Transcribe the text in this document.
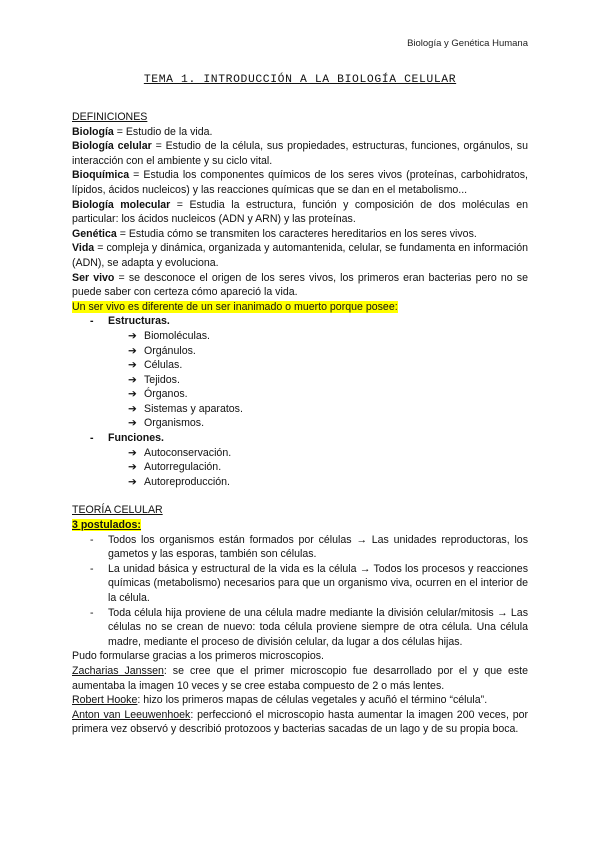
Biología y Genética Humana
TEMA 1. INTRODUCCIÓN A LA BIOLOGÍA CELULAR
DEFINICIONES

Biología = Estudio de la vida.

Biología celular = Estudio de la célula, sus propiedades, estructuras, funciones, orgánulos, su interacción con el ambiente y su ciclo vital.

Bioquímica = Estudia los componentes químicos de los seres vivos (proteínas, carbohidratos, lípidos, ácidos nucleicos) y las reacciones químicas que se dan en el metabolismo...

Biología molecular = Estudia la estructura, función y composición de dos moléculas en particular: los ácidos nucleicos (ADN y ARN) y las proteínas.

Genética = Estudia cómo se transmiten los caracteres hereditarios en los seres vivos.

Vida = compleja y dinámica, organizada y automantenida, celular, se fundamenta en información (ADN), se adapta y evoluciona.

Ser vivo = se desconoce el origen de los seres vivos, los primeros eran bacterias pero no se puede saber con certeza cómo apareció la vida.

Un ser vivo es diferente de un ser inanimado o muerto porque posee:

- Estructuras.
➔ Biomoléculas.
➔ Orgánulos.
➔ Células.
➔ Tejidos.
➔ Órganos.
➔ Sistemas y aparatos.
➔ Organismos.
- Funciones.
➔ Autoconservación.
➔ Autorregulación.
➔ Autoreproducción.
TEORÍA CELULAR

3 postulados:

- Todos los organismos están formados por células → Las unidades reproductoras, los gametos y las esporas, también son células.
- La unidad básica y estructural de la vida es la célula → Todos los procesos y reacciones químicas (metabolismo) necesarios para que un organismo viva, ocurren en el interior de la célula.
- Toda célula hija proviene de una célula madre mediante la división celular/mitosis → Las células no se crean de nuevo: toda célula proviene siempre de otra célula. Una célula madre, mediante el proceso de división celular, da lugar a dos células hijas.

Pudo formularse gracias a los primeros microscopios.

Zacharias Janssen: se cree que el primer microscopio fue desarrollado por el y que este aumentaba la imagen 10 veces y se cree estaba compuesto de 2 o más lentes.

Robert Hooke: hizo los primeros mapas de células vegetales y acuñó el término “célula”.

Anton van Leeuwenhoek: perfeccionó el microscopio hasta aumentar la imagen 200 veces, por primera vez observó y describió protozoos y bacterias sacadas de un lago y de su propia boca.
